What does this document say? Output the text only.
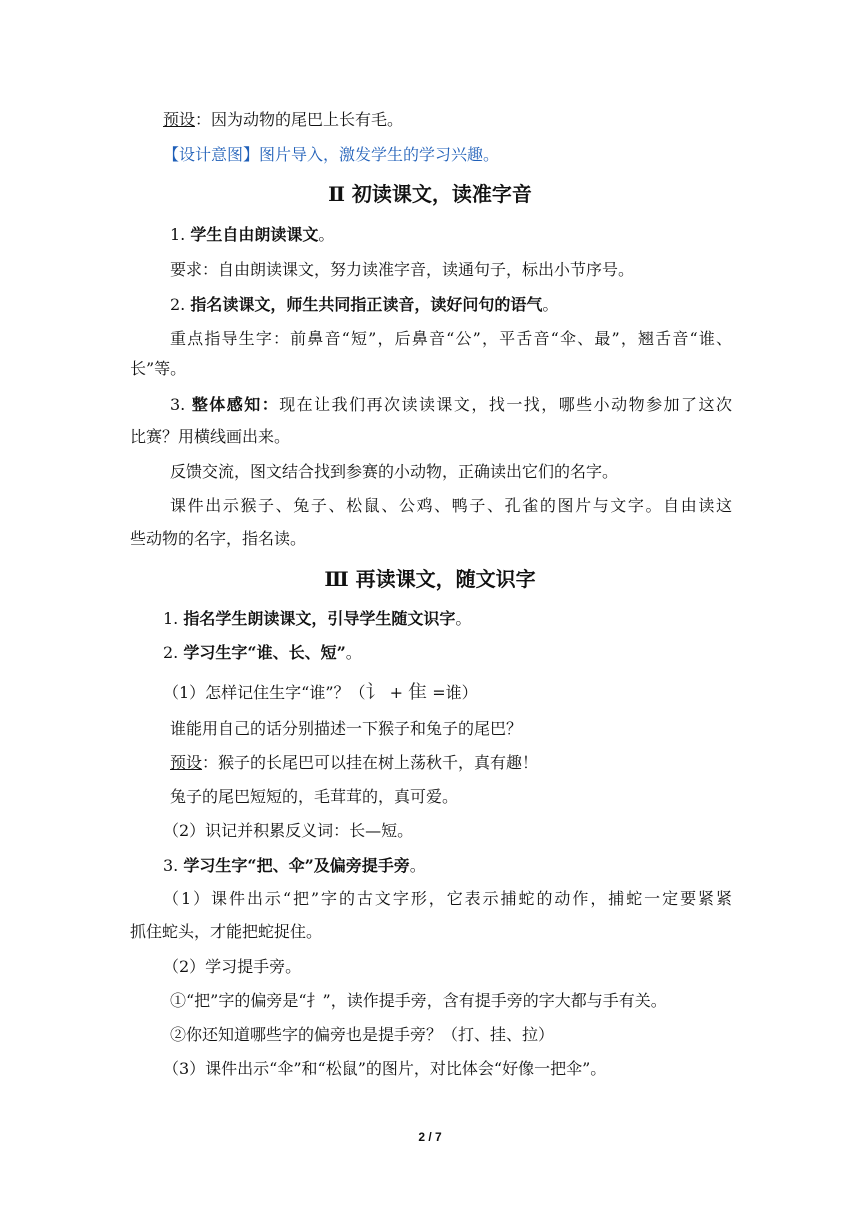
预设：因为动物的尾巴上长有毛。
【设计意图】图片导入，激发学生的学习兴趣。
Ⅱ 初读课文，读准字音
1. 学生自由朗读课文。
要求：自由朗读课文，努力读准字音，读通句子，标出小节序号。
2. 指名读课文，师生共同指正读音，读好问句的语气。
重点指导生字：前鼻音“短”，后鼻音“公”，平舌音“伞、最”，翘舌音“谁、
长”等。
3. 整体感知：现在让我们再次读读课文，找一找，哪些小动物参加了这次
比赛？用横线画出来。
反馈交流，图文结合找到参赛的小动物，正确读出它们的名字。
课件出示猴子、兔子、松鼠、公鸡、鸭子、孔雀的图片与文字。自由读这
些动物的名字，指名读。
Ⅲ 再读课文，随文识字
1. 指名学生朗读课文，引导学生随文识字。
2. 学习生字“谁、长、短”。
（1）怎样记住生字“谁”？（讠 + 隹 =谁）
谁能用自己的话分别描述一下猴子和兔子的尾巴？
预设：猴子的长尾巴可以挂在树上荡秋千，真有趣！
兔子的尾巴短短的，毛茸茸的，真可爱。
（2）识记并积累反义词：长—短。
3. 学习生字“把、伞”及偏旁提手旁。
（1）课件出示“把”字的古文字形，它表示捕蛇的动作，捕蛇一定要紧紧
抓住蛇头，才能把蛇捉住。
（2）学习提手旁。
①“把”字的偏旁是“扌”，读作提手旁，含有提手旁的字大都与手有关。
②你还知道哪些字的偏旁也是提手旁？（打、挂、拉）
（3）课件出示“伞”和“松鼠”的图片，对比体会“好像一把伞”。
2 / 7
